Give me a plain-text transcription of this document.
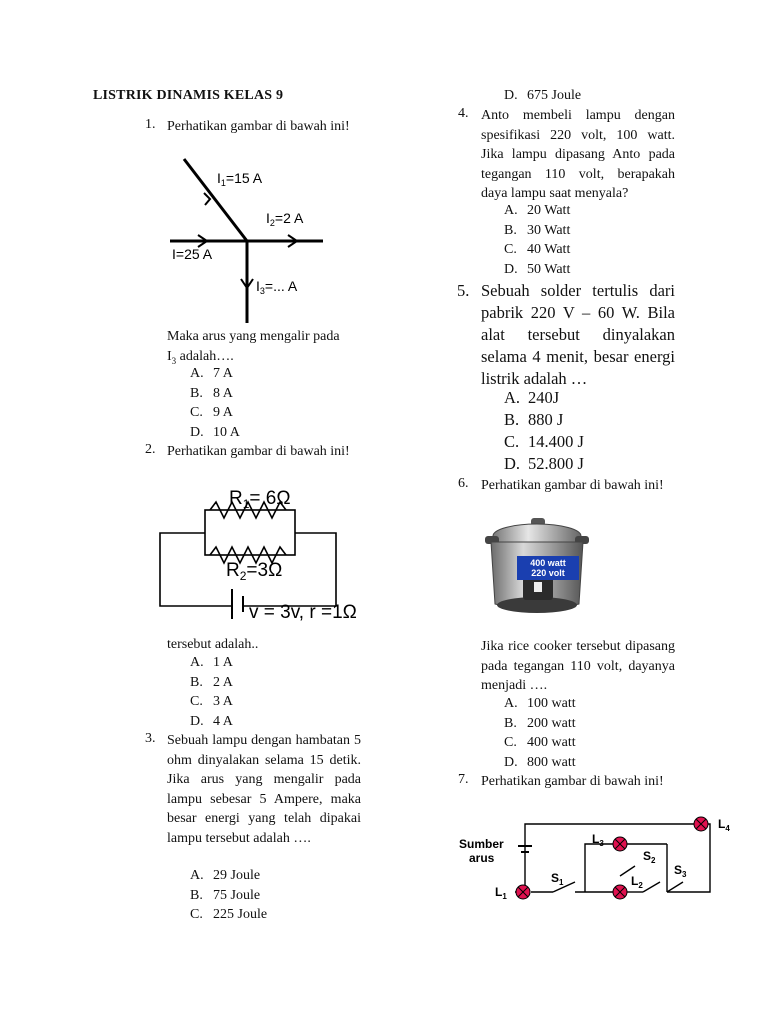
LISTRIK DINAMIS KELAS 9
1. Perhatikan gambar di bawah ini!
$I_1=15$ A
$I_2=2$ A
I=25 A
$I_3=$... A
Maka arus yang mengalir pada
$I_3$ adalah….
A. 7 A
B. 8 A
C. 9 A
D. 10 A
2. Perhatikan gambar di bawah ini!
$R_1= 6\Omega$
$R_2=3\Omega$
v = 3v, r =1Ω
tersebut adalah..
A. 1 A
B. 2 A
C. 3 A
D. 4 A
3. Sebuah lampu dengan hambatan 5 ohm dinyalakan selama 15 detik. Jika arus yang mengalir pada lampu sebesar 5 Ampere, maka besar energi yang telah dipakai lampu tersebut adalah ….
A. 29 Joule
B. 75 Joule
C. 225 Joule
D. 675 Joule
4. Anto membeli lampu dengan spesifikasi 220 volt, 100 watt. Jika lampu dipasang Anto pada tegangan 110 volt, berapakah daya lampu saat menyala?
A. 20 Watt
B. 30 Watt
C. 40 Watt
D. 50 Watt
5. Sebuah solder tertulis dari pabrik 220 V – 60 W. Bila alat tersebut dinyalakan selama 4 menit, besar energi listrik adalah …
A. 240J
B. 880 J
C. 14.400 J
D. 52.800 J
6. Perhatikan gambar di bawah ini!
400 watt
220 volt
Jika rice cooker tersebut dipasang pada tegangan 110 volt, dayanya menjadi ….
A. 100 watt
B. 200 watt
C. 400 watt
D. 800 watt
7. Perhatikan gambar di bawah ini!
Sumber
arus
$L_1$
$S_1$
$L_3$
$L_2$
$S_2$
$S_3$
$L_4$
